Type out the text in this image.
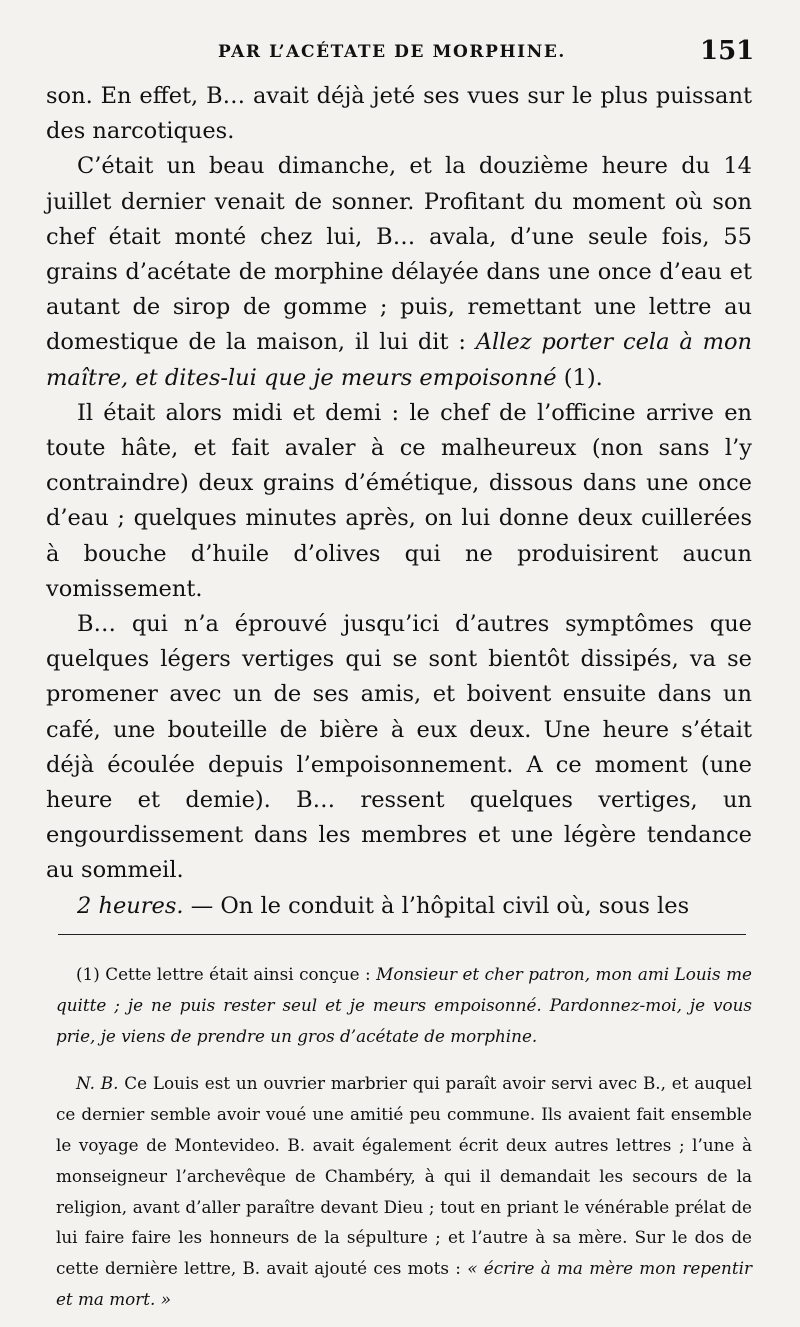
PAR L’ACÉTATE DE MORPHINE.	151

son. En effet, B… avait déjà jeté ses vues sur le plus puissant des narcotiques.

C’était un beau dimanche, et la douzième heure du 14 juillet dernier venait de sonner. Profitant du moment où son chef était monté chez lui, B… avala, d’une seule fois, 55 grains d’acétate de morphine délayée dans une once d’eau et autant de sirop de gomme ; puis, remettant une lettre au domestique de la maison, il lui dit : Allez porter cela à mon maître, et dites-lui que je meurs empoisonné (1).

Il était alors midi et demi : le chef de l’officine arrive en toute hâte, et fait avaler à ce malheureux (non sans l’y contraindre) deux grains d’émétique, dissous dans une once d’eau ; quelques minutes après, on lui donne deux cuillerées à bouche d’huile d’olives qui ne produisirent aucun vomissement.

B… qui n’a éprouvé jusqu’ici d’autres symptômes que quelques légers vertiges qui se sont bientôt dissipés, va se promener avec un de ses amis, et boivent ensuite dans un café, une bouteille de bière à eux deux. Une heure s’était déjà écoulée depuis l’empoisonnement. A ce moment (une heure et demie). B… ressent quelques vertiges, un engourdissement dans les membres et une légère tendance au sommeil.

2 heures. — On le conduit à l’hôpital civil où, sous les

(1) Cette lettre était ainsi conçue : Monsieur et cher patron, mon ami Louis me quitte ; je ne puis rester seul et je meurs empoisonné. Pardonnez-moi, je vous prie, je viens de prendre un gros d’acétate de morphine.

N. B. Ce Louis est un ouvrier marbrier qui paraît avoir servi avec B., et auquel ce dernier semble avoir voué une amitié peu commune. Ils avaient fait ensemble le voyage de Montevideo. B. avait également écrit deux autres lettres ; l’une à monseigneur l’archevêque de Chambéry, à qui il demandait les secours de la religion, avant d’aller paraître devant Dieu ; tout en priant le vénérable prélat de lui faire faire les honneurs de la sépulture ; et l’autre à sa mère. Sur le dos de cette dernière lettre, B. avait ajouté ces mots : « écrire à ma mère mon repentir et ma mort. »
